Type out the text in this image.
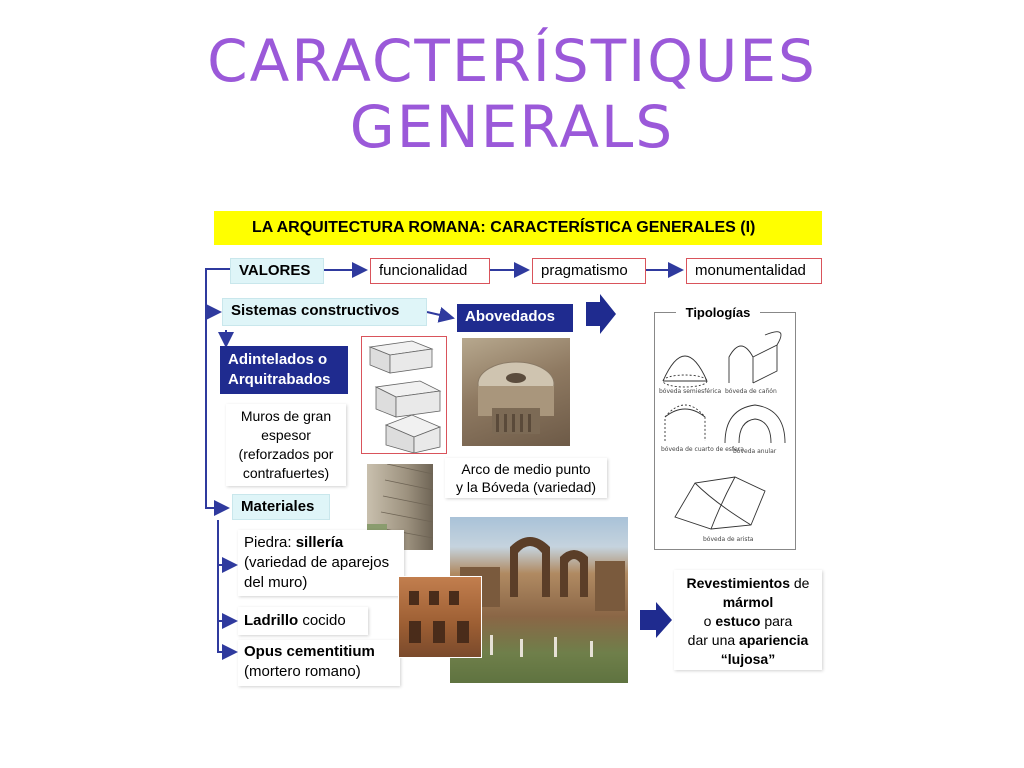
CARACTERÍSTIQUES
GENERALS
LA ARQUITECTURA ROMANA: CARACTERÍSTICA GENERALES (I)
VALORES	funcionalidad	pragmatismo	monumentalidad
Sistemas constructivos	Abovedados
Adintelados o
Arquitrabados
Muros de gran
espesor
(reforzados por
contrafuertes)	Arco de medio punto
y la Bóveda (variedad)
Materiales
Piedra: sillería
(variedad de aparejos
del muro)
Ladrillo cocido
Opus cementitium
(mortero romano)
bóveda semiesférica bóveda de cañón
bóveda de cuarto de esfera
bóveda anular
bóveda de arista
Tipologías
Revestimientos de
mármol
o estuco para
dar una apariencia
“lujosa”
